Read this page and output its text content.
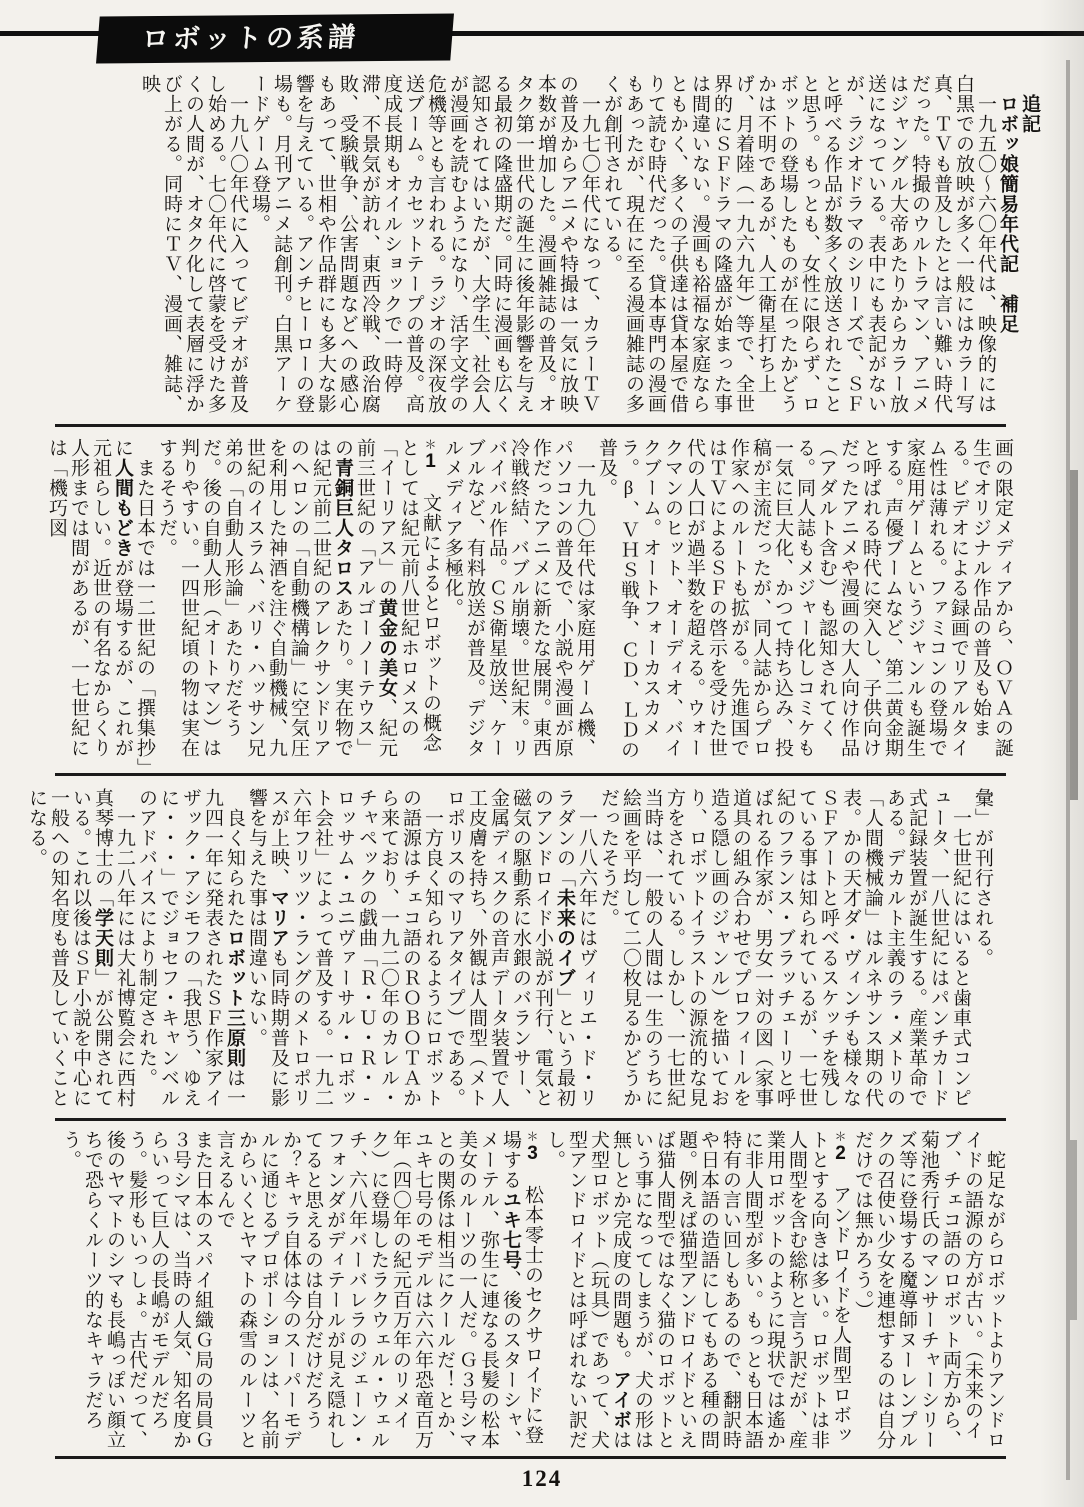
ロボットの系譜

　追記

　ロボッ娘簡易年代記　補足

　一九五〇～六〇年代は、映像的には白黒での放映が多く一般にはカラー写真、ＴＶも普及したとは言い難い時代だった。特撮のウルトラマン、アニメはジャングル大帝あたりからカラー放送になっている。表中にも表記がないが、ラジオドラマのシリーズで、ＳＦと呼べる作品が数多く放送されたことと思う。もっとも、女性に限らず、ロボットの登場したものが在ったかどうかは不明であるが、人工衛星打ち上げ、月着陸（一九六九年）等で、全世界的にＳＦドラマの隆盛が始まった事は間違いない。漫画も裕福な家庭ならともかく、多くの子供達は貸本屋で借りて読む時代だった。貸本専門の漫画もあったが、現在に至る漫画雑誌の多くが創刊されている。

　一九七〇年代になって、カラーＴＶの普及からアニメや特撮は一気に放映本数が増加した。漫画雑誌の普及。オタク第一世代の誕生に後年影響を与える最初の隆盛期だ。同時に漫画も広く認知されてはいたが、大学生、社会人が漫画を読むようになり、活字文学の危機等とも言われる。ラジオの深夜放送ブーム。カセットテープの普及。高度成長期もオイルショックで一時停滞、不景気が訪れ、東西冷戦、政治腐敗、受験戦争、公害問題などへの感心もあって、世相や作品群にも多大な影響を与えている。アンチヒーローの登場も。月刊アニメ誌創刊。白黒アーケードゲーム登場。

　一九八〇年代に入ってビデオが普及し始める。七〇年代に啓蒙を受けた多くの人間が、オタク化して表層に浮かび上がる。同時にＴＶ、漫画、雑誌、映

画の限定メディアから、ＯＶＡの誕生でオリジナル作品の普及も始まる。ビデオによる録画でリアルタイム性は薄れる。ファミコンの登場で家庭用ゲームというジャンルも誕生する。声優ブームなど、第二黄金期と呼ばれる時代に突入し、子供向けだったアニメや漫画の大人向け作品（アダルト含む）も認知されてくる。同人誌もメジャー化しコミケも一気に巨大化、かつて持ち込み、投稿が主流だったが、同人誌からプロ作家へのルートも拡がる。先進国ではＴＶによるＳＦの啓示を受けた世代の人口が過半数を超える。ウォークマンのヒット、オーディオ、バイクブーム。オートフォーカスカメラ。β、ＶＨＳ戦争、ＣＤ、ＬＤの普及。

　一九九〇年代は家庭用ゲーム機、パソコンの普及で、小説や漫画が原作だったアニメに新たな展開。東西冷戦終結、バブル崩壊。世紀末。リバイバル作品。ＣＳ衛星放送、ケーブルなど、有料放送が普及。デジタルメディア多極化。

＊1　文献によるとロボットの概念としては紀元前八世紀ホロメスの「イーリアス」の黄金の美女、紀元前三世紀の「アルゴーノーテウス」の青銅巨人タロスあたり。実在物では紀元前二世紀のアレクサンドリアのヘロンの「自動機構論」に空気圧を利用した神酒を注ぐ自動機械、九世紀のイスラム、バリ・ハッサン兄弟の「自動人形論」あたりだそうだ。後の自動人形（オートマン）は判りやすい。一四世紀頃の物は実在するそうだ。

　また日本では一二世紀の「撰集抄」に人間もどきが登場するが、これが元祖らしい。近世の有名なからくり人形までは間があるが、一七世紀には「機巧図

彙」が刊行される。

　一七世紀にはいると歯車式コンピュータ、一八世紀にはパンチカード式記録装置が誕生する。産業革命である。デカルト主義のラ・メトリの「人間機械論」はルネサンス期の代表。かの天才ダ・ヴィンチも様々なＳＦアートと呼べるスケッチを残している事は知られているが、一七世紀のフランス・ブラッチェーリと呼ばれる作家が、男女一対の図（家事道具の組み合わせでプロフィールを造る隠し画のジャンル）を描いており、ロボットイラストの源流的な見方をされている。しかし、一七世紀当時は、一般の人間は一生のうちに絵画を平均して二〇枚見るかどうかだったそうだ。

　一八八六年にはヴィリエ・ド・リラダンの「未来のイブ」という最初のアンドロイド小説が刊行、電気と磁気の駆動系に水銀のバランサー、金属ディスクの音声データ装置で人工皮膚を持ち、外観は人間型（メトロポリスのマリアタイプ）である。

　一方良く知られるようにロボットの語源はチェコ語のＲＯＢＯＴＡから来ており、一九二〇年のカレル・チャペックの戯曲「Ｒ・Ｕ・Ｒ・‐ロッサム・ユニヴァーサル・ロボット会社」によって普及する。一九二六年フリッツ・ラングのメトロポリスが上映、マリアも同時期普及に影響を与えた事は間違いない。

　良く知られたロボット三原則は一九四一年に発表されたＳＦ作家アイザック・アシモフの「我思う、ゆえに・・・」でジョセフ・キャンベルのアドバイスにより制定された。

　一九二八年には大礼博覧会に西村真琴博士の「学天則」が公開されている。これ以後はＳＦ小説を中心に一般への知名度も普及していくことになる。

　蛇足ながらロボットよりアンドロイドの語源の方が古い。（未来のイブ、チェコ語のロボット両方から、菊池秀行氏のマンサーチャーシリーズ等に登場する魔導師ヌーレンプルクの召使い少女を連想するのは自分だけでは無かろう。）

＊2　アンドロイドを人間型ロボットとする向きは多い。ロボットは非人間型を含む総称と言う訳だが、産業用ロボットのように現状では遙かに非人間型が多い。もっとも日本語特有の言い回しもあるので、翻訳時や日本語の造語にしてもある種の問題。例えば猫型アンドロイドといえば猫人間型ではなく猫のロボットという事になってしまうが、犬の形は無しとか完成度の問題も。アイボは犬型ロボット（玩具）であって、犬型アンドロイドとは呼ばれない訳だし。

＊3　松本零士のセクサロイドに登場するユキ七号、後のスターシャ、メーテル、弥生に連なる長髪の松本美女のルーツの一人だ。Ｇ３号シマとの関係は相当にクールだ！とか、ユキ七号のモデルは六六年恐竜百万年（四〇年の紀元百万年のリメイク）に登場したラクウェル・ウェルチ、六八年バーバレラのジェーン・フォンダがディテールが見え隠れしてると思えるのは自分だけだろうか？キャラ自体は今のスーパーモデルに通じるプロポーションは、名前からいくとヤマトの森雪のルーツと言えるんで

また日本のスパイ組織Ｇ局の局員Ｇ３号シマは、当時の人気、知名度からいって巨人の長嶋がモデルだろう。髪形もいっしょ。古代だって、後のヤマトのシマも長嶋っぽい顔立ちで恐らくルーツ的なキャラだろう。

124
